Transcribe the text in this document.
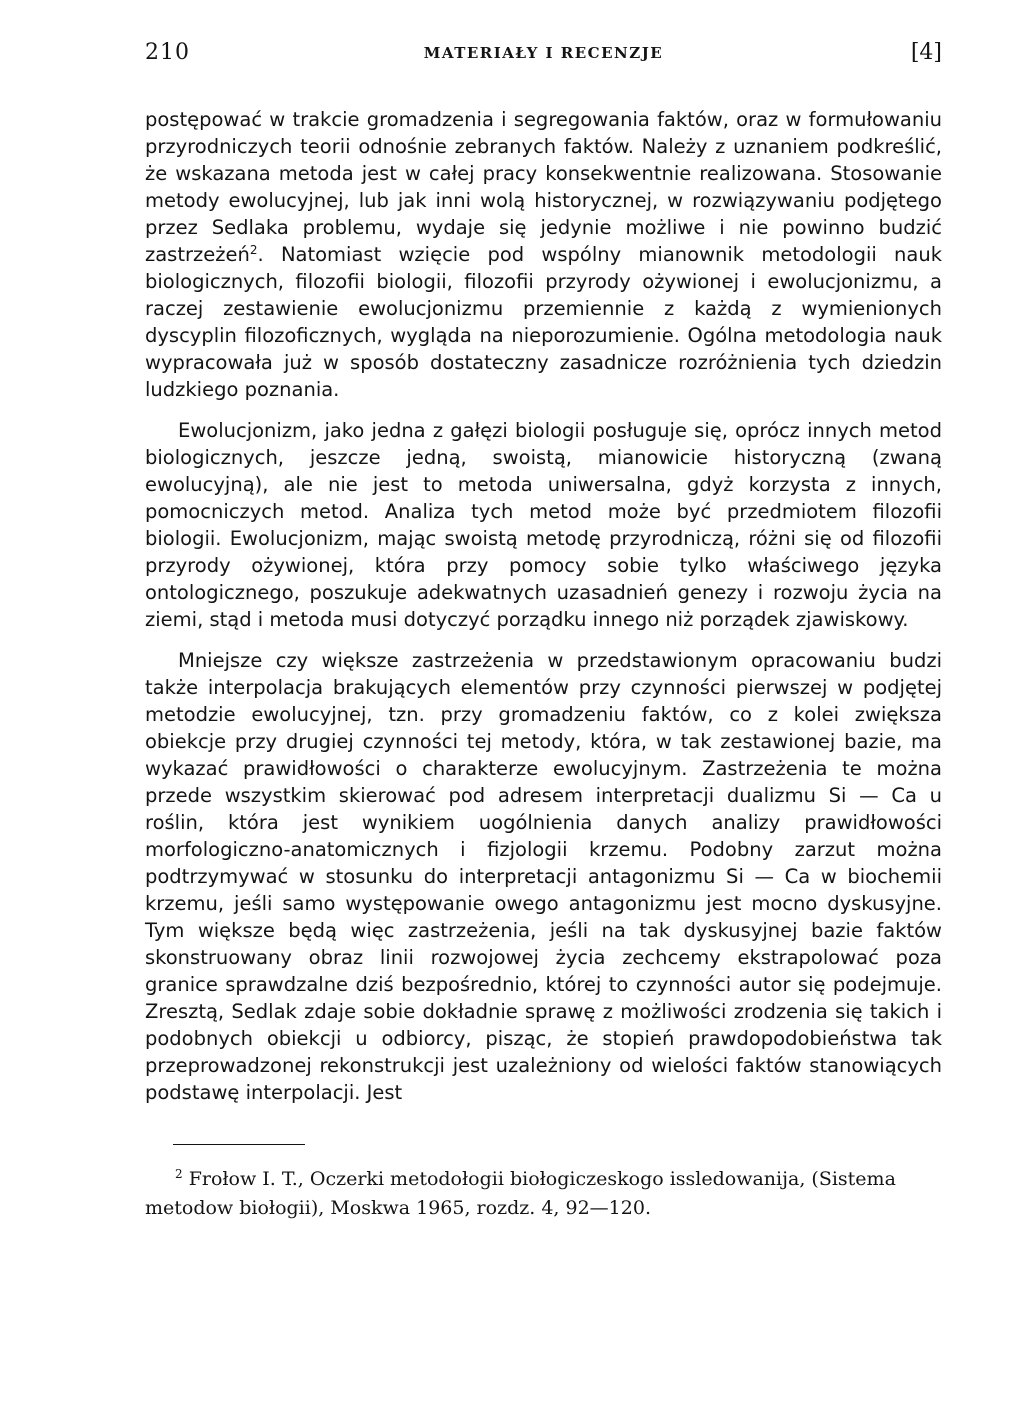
210	MATERIAŁY I RECENZJE	[4]

postępować w trakcie gromadzenia i segregowania faktów, oraz w formułowaniu przyrodniczych teorii odnośnie zebranych faktów. Należy z uznaniem podkreślić, że wskazana metoda jest w całej pracy konsekwentnie realizowana. Stosowanie metody ewolucyjnej, lub jak inni wolą historycznej, w rozwiązywaniu podjętego przez Sedlaka problemu, wydaje się jedynie możliwe i nie powinno budzić zastrzeżeń$^2$. Natomiast wzięcie pod wspólny mianownik metodologii nauk biologicznych, filozofii biologii, filozofii przyrody ożywionej i ewolucjonizmu, a raczej zestawienie ewolucjonizmu przemiennie z każdą z wymienionych dyscyplin filozoficznych, wygląda na nieporozumienie. Ogólna metodologia nauk wypracowała już w sposób dostateczny zasadnicze rozróżnienia tych dziedzin ludzkiego poznania.

Ewolucjonizm, jako jedna z gałęzi biologii posługuje się, oprócz innych metod biologicznych, jeszcze jedną, swoistą, mianowicie historyczną (zwaną ewolucyjną), ale nie jest to metoda uniwersalna, gdyż korzysta z innych, pomocniczych metod. Analiza tych metod może być przedmiotem filozofii biologii. Ewolucjonizm, mając swoistą metodę przyrodniczą, różni się od filozofii przyrody ożywionej, która przy pomocy sobie tylko właściwego języka ontologicznego, poszukuje adekwatnych uzasadnień genezy i rozwoju życia na ziemi, stąd i metoda musi dotyczyć porządku innego niż porządek zjawiskowy.

Mniejsze czy większe zastrzeżenia w przedstawionym opracowaniu budzi także interpolacja brakujących elementów przy czynności pierwszej w podjętej metodzie ewolucyjnej, tzn. przy gromadzeniu faktów, co z kolei zwiększa obiekcje przy drugiej czynności tej metody, która, w tak zestawionej bazie, ma wykazać prawidłowości o charakterze ewolucyjnym. Zastrzeżenia te można przede wszystkim skierować pod adresem interpretacji dualizmu Si — Ca u roślin, która jest wynikiem uogólnienia danych analizy prawidłowości morfologiczno-anatomicznych i fizjologii krzemu. Podobny zarzut można podtrzymywać w stosunku do interpretacji antagonizmu Si — Ca w biochemii krzemu, jeśli samo występowanie owego antagonizmu jest mocno dyskusyjne. Tym większe będą więc zastrzeżenia, jeśli na tak dyskusyjnej bazie faktów skonstruowany obraz linii rozwojowej życia zechcemy ekstrapolować poza granice sprawdzalne dziś bezpośrednio, której to czynności autor się podejmuje. Zresztą, Sedlak zdaje sobie dokładnie sprawę z możliwości zrodzenia się takich i podobnych obiekcji u odbiorcy, pisząc, że stopień prawdopodobieństwa tak przeprowadzonej rekonstrukcji jest uzależniony od wielości faktów stanowiących podstawę interpolacji. Jest

$^2$ Frołow I. T., Oczerki metodołogii biołogiczeskogo issledowanija, (Sistema metodow biołogii), Moskwa 1965, rozdz. 4, 92—120.
